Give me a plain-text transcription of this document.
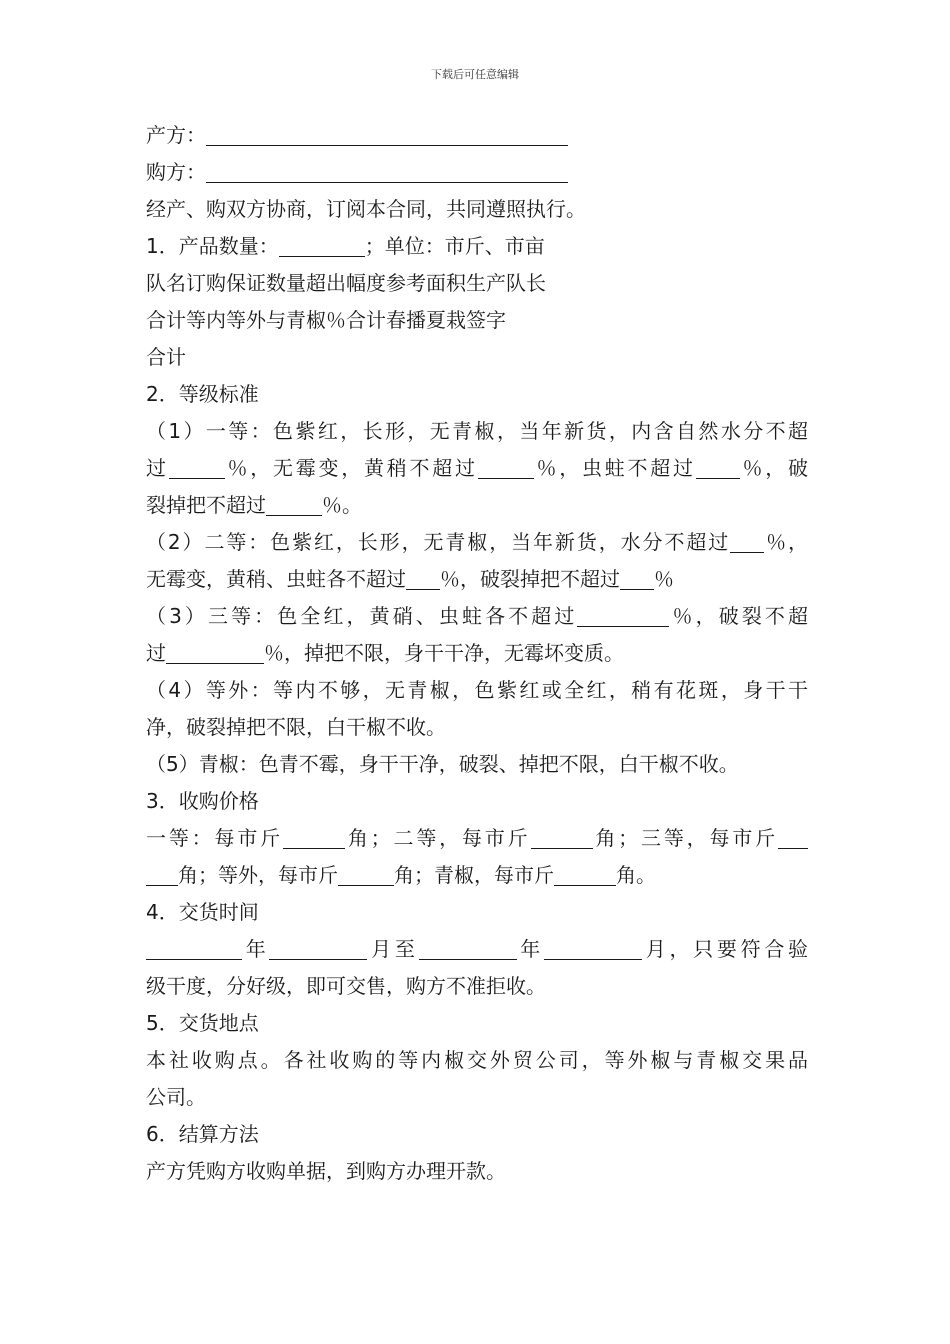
下载后可任意编辑
产方：
购方：
经产、购双方协商，订阅本合同，共同遵照执行。
1．产品数量：	；单位：市斤、市亩
队名订购保证数量超出幅度参考面积生产队长
合计等内等外与青椒％合计春播夏栽签字
合计
2．等级标准
（1）一等：色紫红，长形，无青椒，当年新货，内含自然水分不超
过	％，无霉变，黄稍不超过	％，虫蛀不超过 ％，破
裂掉把不超过	％。
（2）二等：色紫红，长形，无青椒，当年新货，水分不超过 ％，
无霉变，黄稍、虫蛀各不超过 ％，破裂掉把不超过 ％
（3）三等：色全红，黄硝、虫蛀各不超过	％，破裂不超
过	％，掉把不限，身干干净，无霉坏变质。
（4）等外：等内不够，无青椒，色紫红或全红，稍有花斑，身干干
净，破裂掉把不限，白干椒不收。
（5）青椒：色青不霉，身干干净，破裂、掉把不限，白干椒不收。
3．收购价格
一等：每市斤	角；二等，每市斤	角；三等，每市斤
角；等外，每市斤	角；青椒，每市斤	角。
4．交货时间
年	月至	年	月，只要符合验
级干度，分好级，即可交售，购方不准拒收。
5．交货地点
本社收购点。各社收购的等内椒交外贸公司，等外椒与青椒交果品
公司。
6．结算方法
产方凭购方收购单据，到购方办理开款。
